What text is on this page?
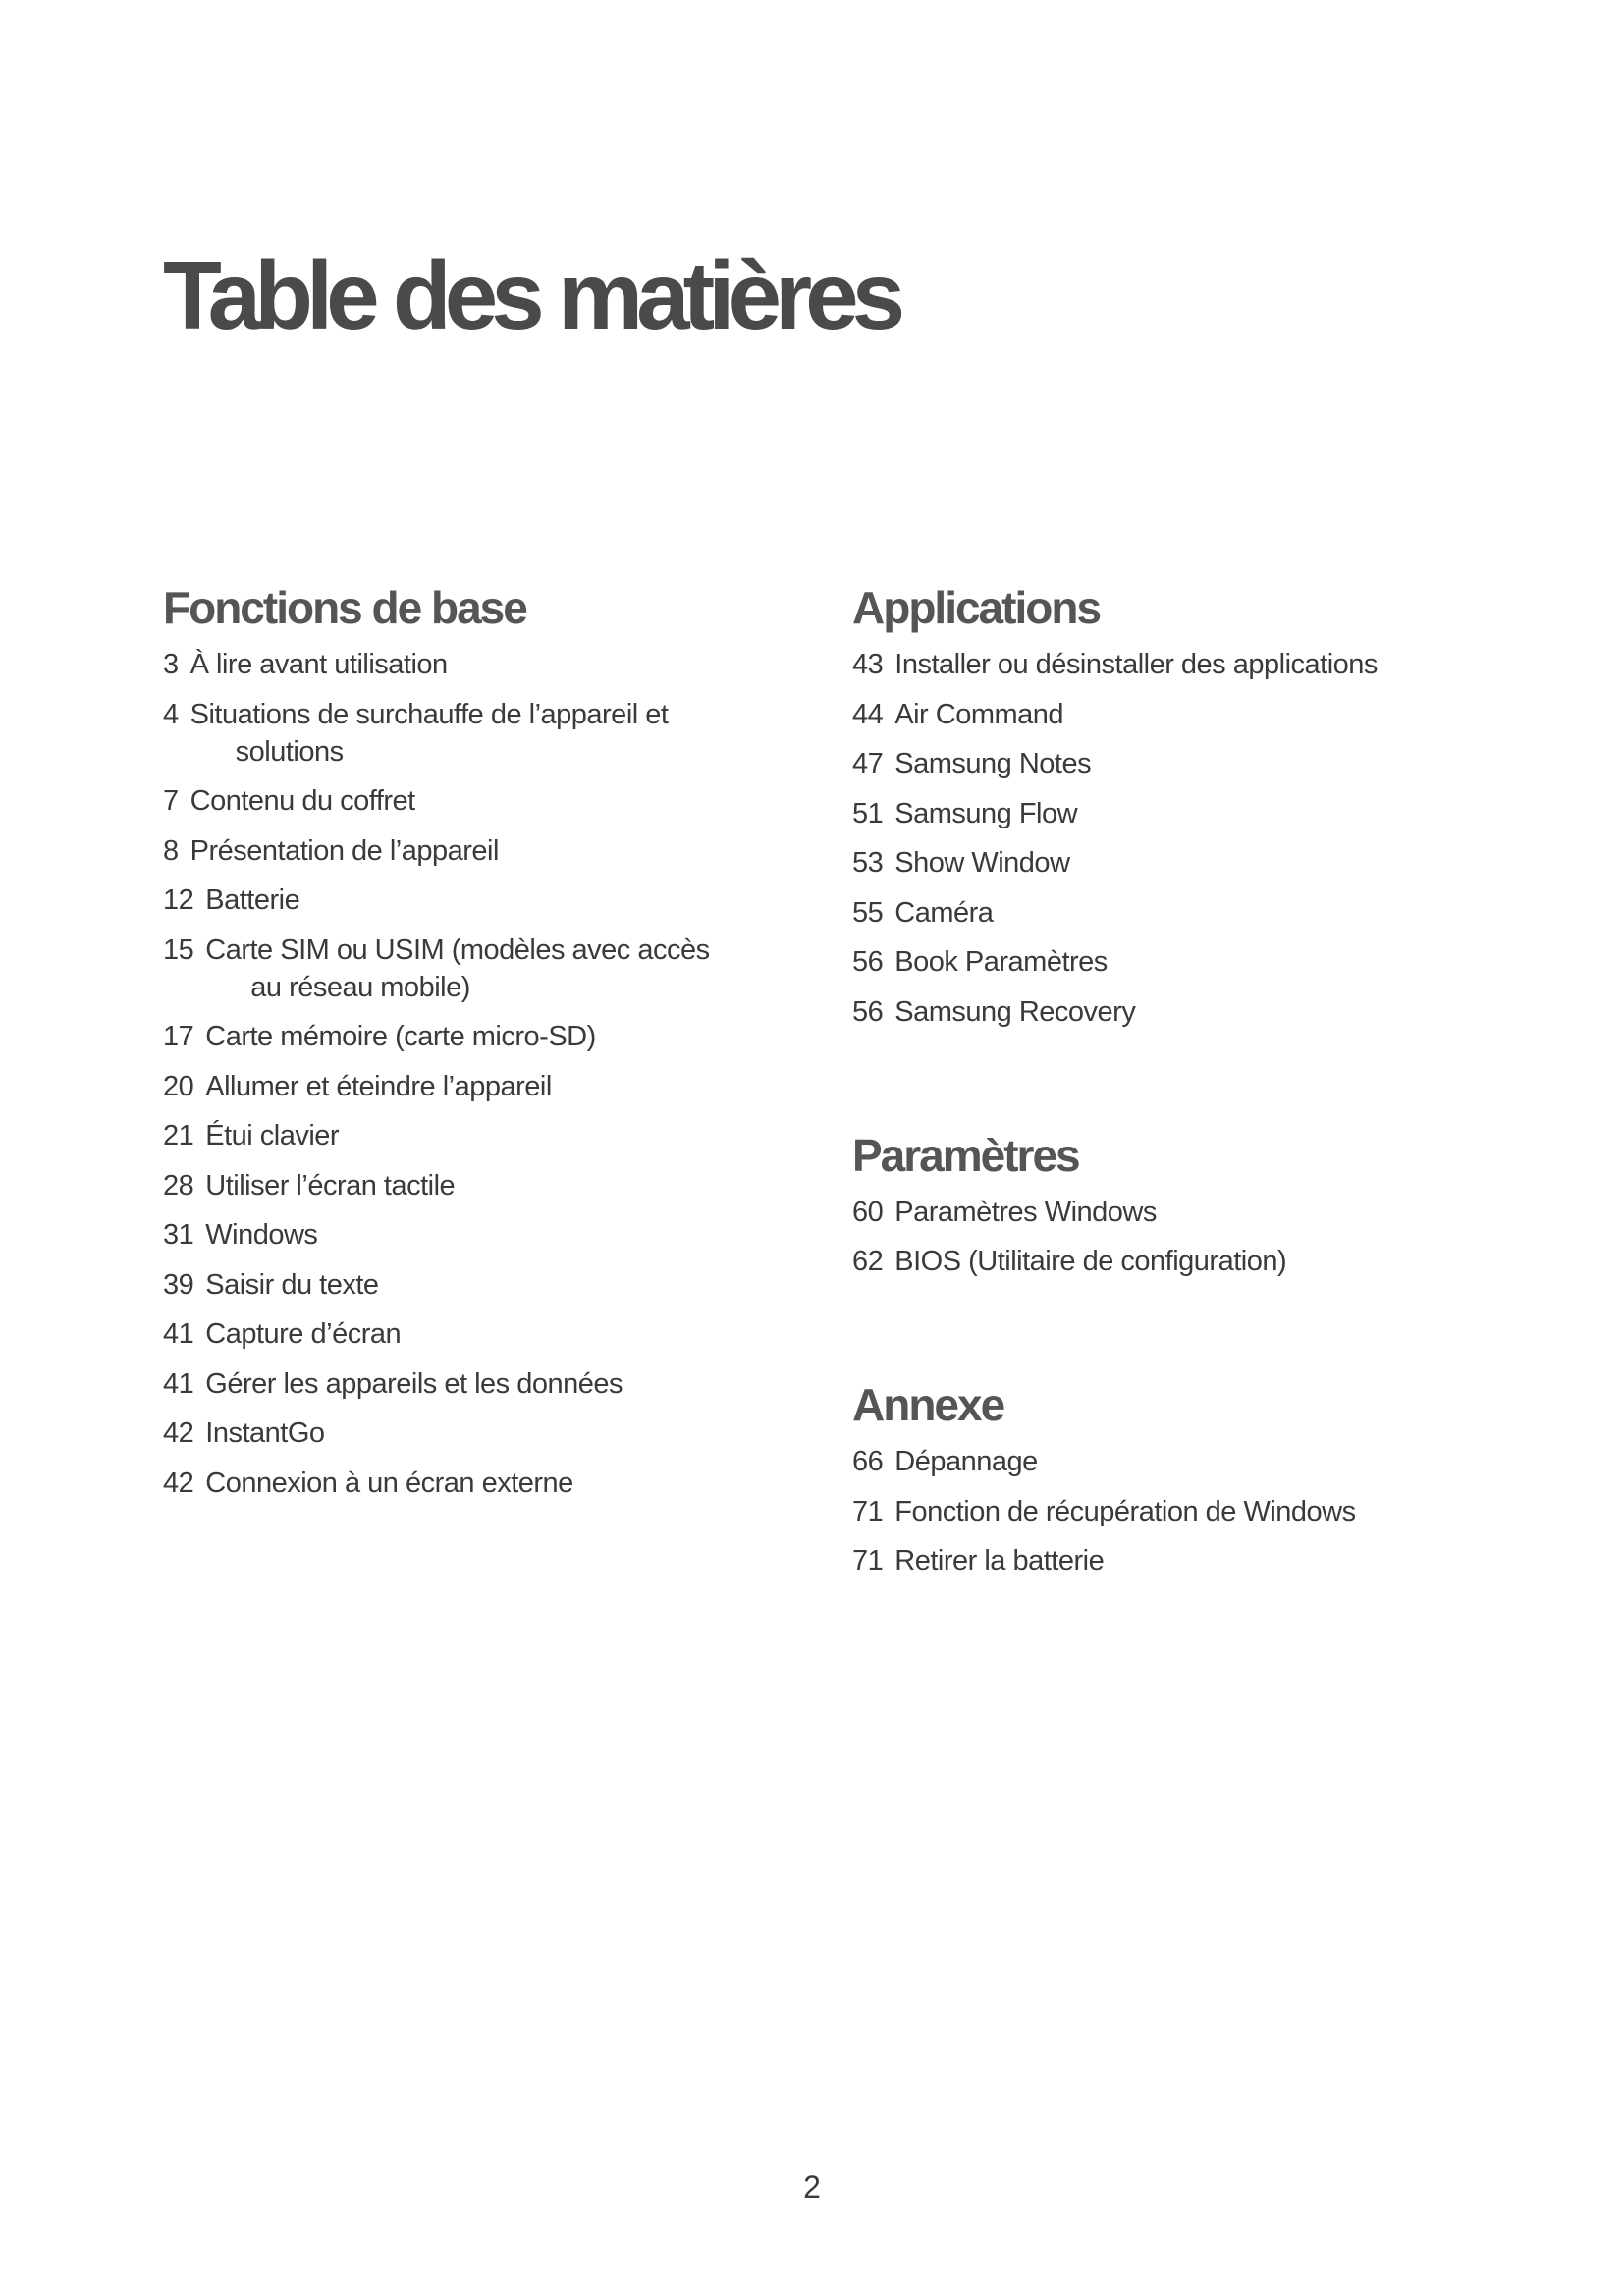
Table des matières
Fonctions de base
3 À lire avant utilisation
4 Situations de surchauffe de l’appareil et
solutions
7 Contenu du coffret
8 Présentation de l’appareil
12 Batterie
15 Carte SIM ou USIM (modèles avec accès
au réseau mobile)
17 Carte mémoire (carte micro-SD)
20 Allumer et éteindre l’appareil
21 Étui clavier
28 Utiliser l’écran tactile
31 Windows
39 Saisir du texte
41 Capture d’écran
41 Gérer les appareils et les données
42 InstantGo
42 Connexion à un écran externe
Applications
43 Installer ou désinstaller des applications
44 Air Command
47 Samsung Notes
51 Samsung Flow
53 Show Window
55 Caméra
56 Book Paramètres
56 Samsung Recovery
Paramètres
60 Paramètres Windows
62 BIOS (Utilitaire de configuration)
Annexe
66 Dépannage
71 Fonction de récupération de Windows
71 Retirer la batterie
2
